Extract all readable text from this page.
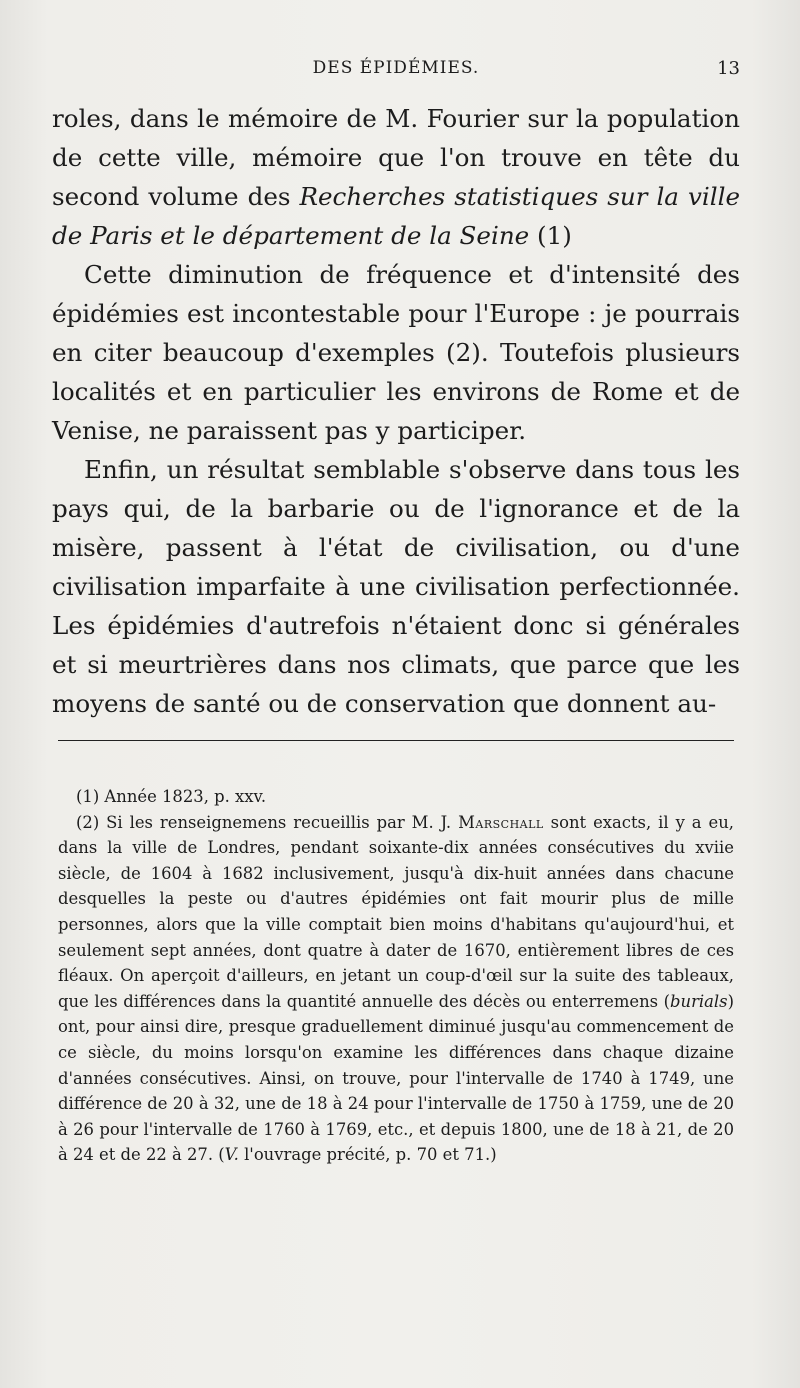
DES ÉPIDÉMIES.	13

roles, dans le mémoire de M. Fourier sur la population de cette ville, mémoire que l'on trouve en tête du second volume des Recherches statistiques sur la ville de Paris et le département de la Seine (1)

Cette diminution de fréquence et d'intensité des épidémies est incontestable pour l'Europe : je pourrais en citer beaucoup d'exemples (2). Toutefois plusieurs localités et en particulier les environs de Rome et de Venise, ne paraissent pas y participer.

Enfin, un résultat semblable s'observe dans tous les pays qui, de la barbarie ou de l'ignorance et de la misère, passent à l'état de civilisation, ou d'une civilisation imparfaite à une civilisation perfectionnée. Les épidémies d'autrefois n'étaient donc si générales et si meurtrières dans nos climats, que parce que les moyens de santé ou de conservation que donnent au-

(1) Année 1823, p. xxv.

(2) Si les renseignemens recueillis par M. J. Marschall sont exacts, il y a eu, dans la ville de Londres, pendant soixante-dix années consécutives du xviie siècle, de 1604 à 1682 inclusivement, jusqu'à dix-huit années dans chacune desquelles la peste ou d'autres épidémies ont fait mourir plus de mille personnes, alors que la ville comptait bien moins d'habitans qu'aujourd'hui, et seulement sept années, dont quatre à dater de 1670, entièrement libres de ces fléaux. On aperçoit d'ailleurs, en jetant un coup-d'œil sur la suite des tableaux, que les différences dans la quantité annuelle des décès ou enterremens (burials) ont, pour ainsi dire, presque graduellement diminué jusqu'au commencement de ce siècle, du moins lorsqu'on examine les différences dans chaque dizaine d'années consécutives. Ainsi, on trouve, pour l'intervalle de 1740 à 1749, une différence de 20 à 32, une de 18 à 24 pour l'intervalle de 1750 à 1759, une de 20 à 26 pour l'intervalle de 1760 à 1769, etc., et depuis 1800, une de 18 à 21, de 20 à 24 et de 22 à 27. (V. l'ouvrage précité, p. 70 et 71.)
